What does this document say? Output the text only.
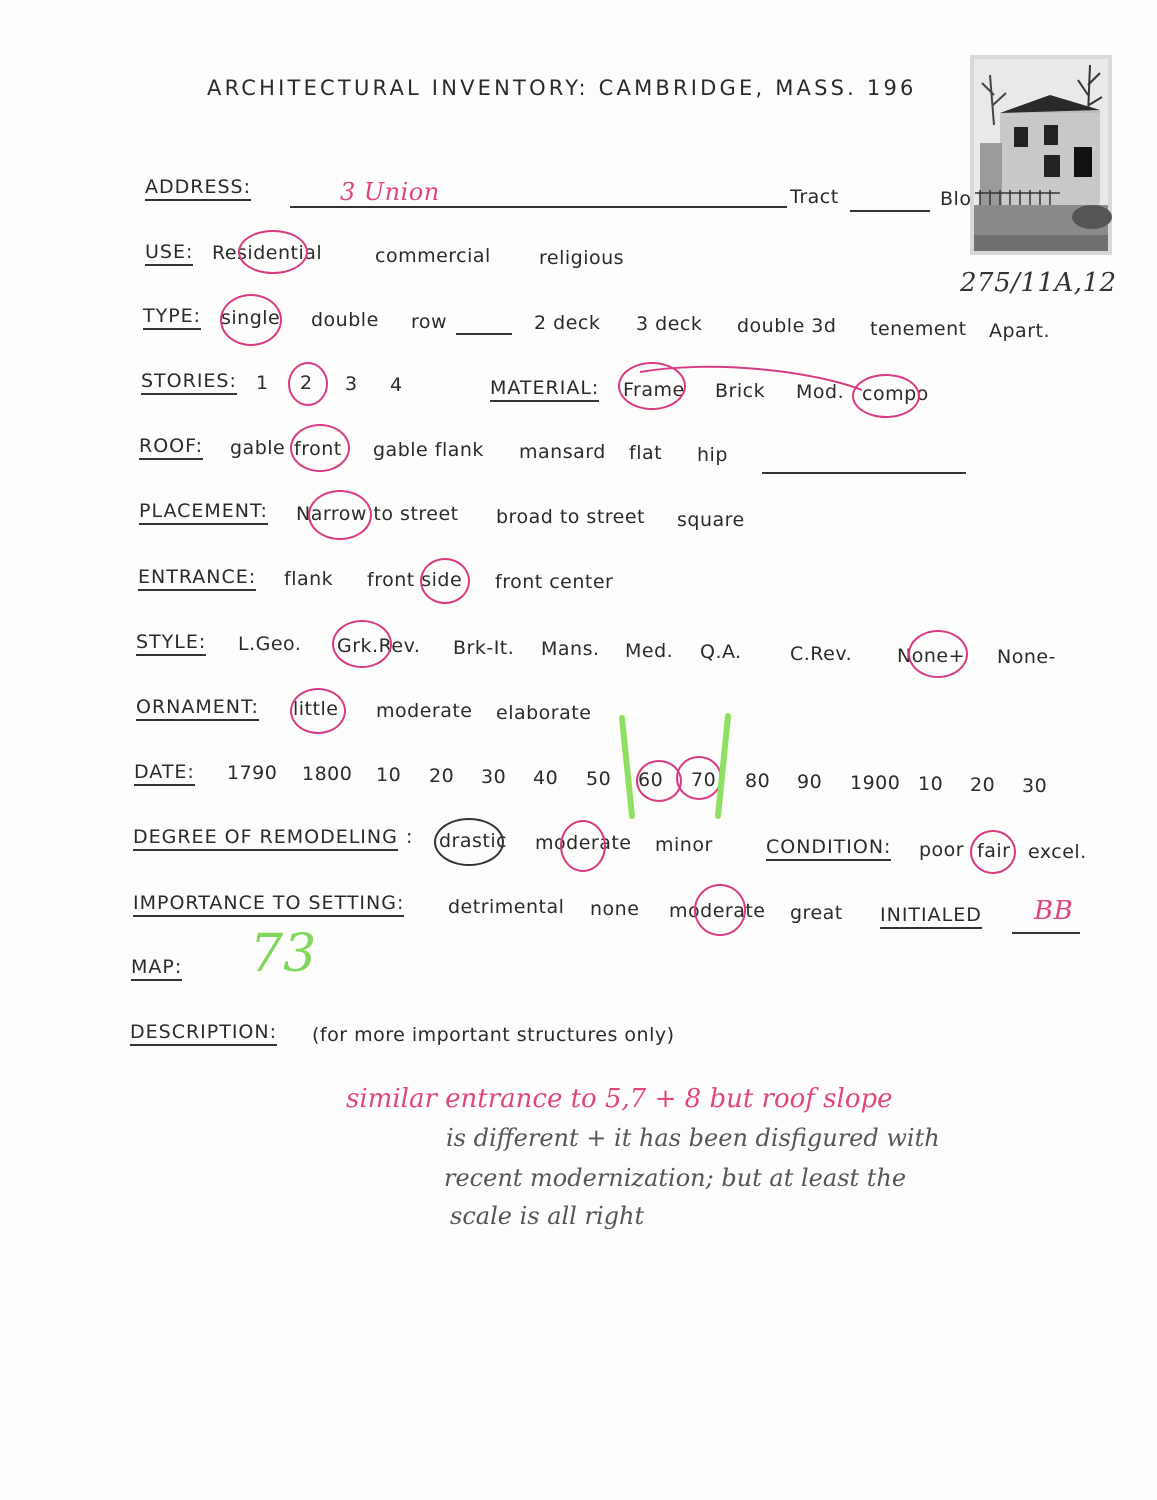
ARCHITECTURAL INVENTORY: CAMBRIDGE, MASS. 196
275/11A,12
ADDRESS:	3 Union	Tract	Blo
USE: Residential	commercial	religious
TYPE: single double row	2 deck 3 deck double 3d tenement Apart.
STORIES: 1 2 3 4	MATERIAL: Frame Brick Mod. compo
ROOF: gable front gable flank mansard flat hip
PLACEMENT: Narrow to street broad to street square
ENTRANCE: flank front side front center
STYLE: L.Geo. Grk.Rev. Brk-It. Mans. Med. Q.A.	C.Rev. None+ None-
ORNAMENT: little moderate elaborate
DATE: 1790 1800 10 20 30 40 50 60 70 80 90 1900 10 20 30
DEGREE OF REMODELING : drastic moderate minor	CONDITION: poor fair excel.
IMPORTANCE TO SETTING: detrimental none moderate great INITIALED BB
MAP: 73
DESCRIPTION: (for more important structures only)
similar entrance to 5,7 + 8 but roof slope
is different + it has been disfigured with
recent modernization; but at least the
scale is all right
